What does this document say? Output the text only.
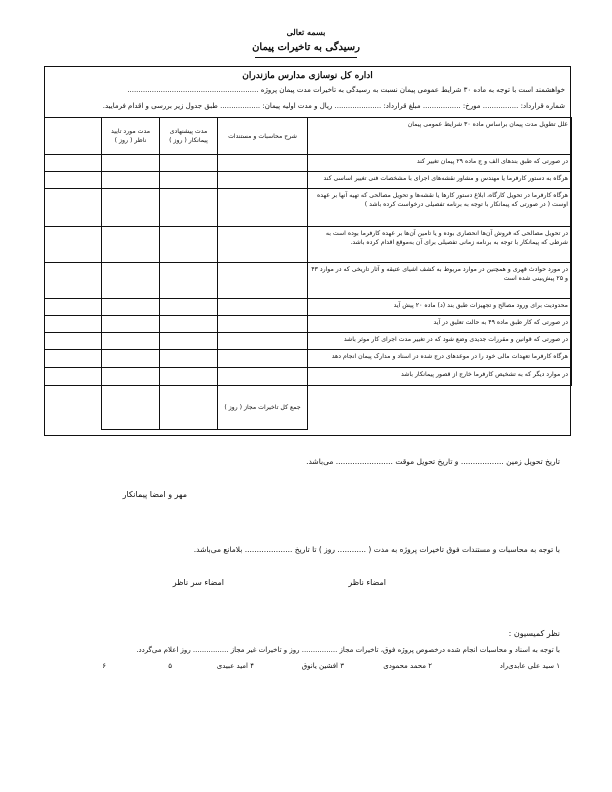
بسمه تعالی
رسیدگی به تاخیرات پیمان
اداره کل نوسازی مدارس مازندران
خواهشمند است با توجه به ماده ۳۰ شرایط عمومی پیمان نسبت به رسیدگی به تاخیرات مدت پیمان پروژه ...........................................................
شماره قرارداد: ................ مورخ: ................. مبلغ قرارداد: ..................... ریال و مدت اولیه پیمان: .................. طبق جدول زیر بررسی و اقدام فرمایید.
علل تطویل مدت پیمان براساس ماده ۳۰ شرایط عمومی پیمان	شرح محاسبات و مستندات	مدت پیشنهادی پیمانکار ( روز )	مدت مورد تایید ناظر ( روز )	
در صورتی که طبق بندهای الف و ج ماده ۲۹ پیمان تغییر کند				
هرگاه به دستور کارفرما یا مهندس و مشاور نقشه‌های اجرای با مشخصات فنی تغییر اساسی کند				
هرگاه کارفرما در تحویل کارگاه، ابلاغ دستور کارها یا نقشه‌ها و تحویل مصالحی که تهیه آنها بر عهده اوست ( در صورتی که پیمانکار با توجه به برنامه تفصیلی درخواست کرده باشد )				
در تحویل مصالحی که فروش آن‌ها انحصاری بوده و یا تامین آن‌ها بر عهده کارفرما بوده است به شرطی که پیمانکار با توجه به برنامه زمانی تفصیلی برای آن به‌موقع اقدام کرده باشد.				
در مورد حوادث قهری و همچنین در موارد مربوط به کشف اشیای عتیقه و آثار تاریخی که در موارد ۴۳ و ۲۵ پیش‌بینی شده است				
محدودیت برای ورود مصالح و تجهیزات طبق بند (د) ماده ۲۰ پیش آید				
در صورتی که کار طبق ماده ۴۹ به حالت تعلیق در آید				
در صورتی که قوانین و مقررات جدیدی وضع شود که در تغییر مدت اجرای کار موثر باشد				
هرگاه کارفرما تعهدات مالی خود را در موعدهای درج شده در اسناد و مدارک پیمان انجام دهد				
در موارد دیگر که به تشخیص کارفرما خارج از قصور پیمانکار باشد				
	جمع کل تاخیرات مجاز ( روز )			
تاریخ تحویل زمین .................. و تاریخ تحویل موقت ........................ می‌باشد.
مهر و امضا پیمانکار
با توجه به محاسبات و مستندات فوق تاخیرات پروژه به مدت ( ............ روز ) تا تاریخ .................... بلامانع می‌باشد.
امضاء ناظر
امضاء سر ناظر
نظر کمیسیون :
با توجه به اسناد و محاسبات انجام شده درخصوص پروژه فوق، تاخیرات مجاز ................ روز و تاخیرات غیر مجاز ................ روز اعلام می‌گردد.
۱ سید علی عابدی‌راد
۲ محمد محمودی
۳ افشین یانوق
۴ امید عبیدی
۵
۶
